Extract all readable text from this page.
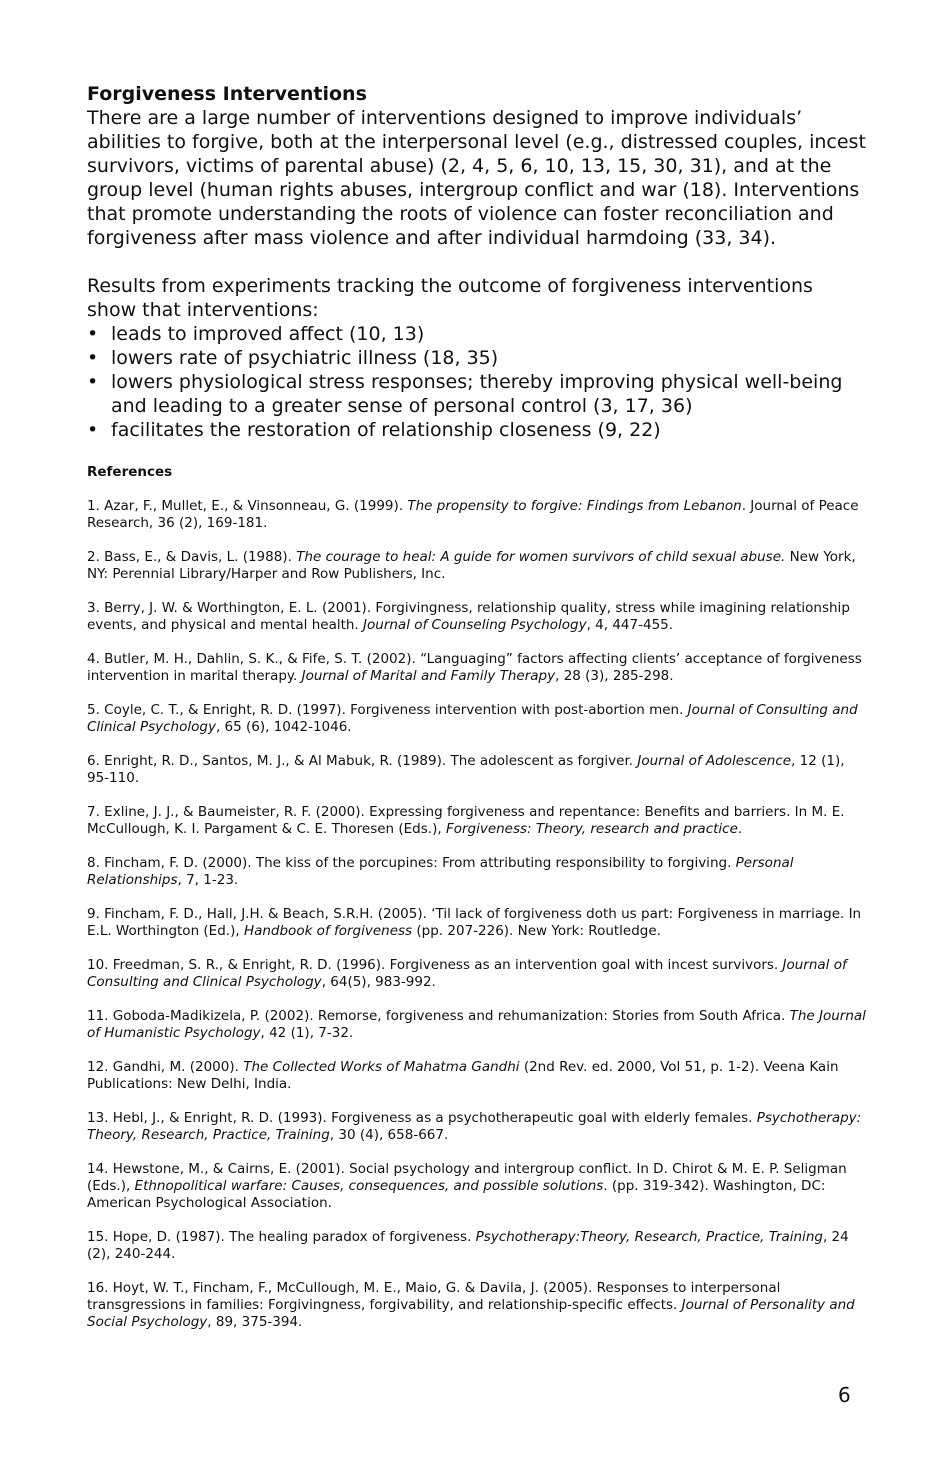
Forgiveness Interventions

There are a large number of interventions designed to improve individuals’ abilities to forgive, both at the interpersonal level (e.g., distressed couples, incest survivors, victims of parental abuse) (2, 4, 5, 6, 10, 13, 15, 30, 31), and at the group level (human rights abuses, intergroup conflict and war (18). Interventions that promote understanding the roots of violence can foster reconciliation and forgiveness after mass violence and after individual harmdoing (33, 34).

Results from experiments tracking the outcome of forgiveness interventions show that interventions:

• leads to improved affect (10, 13)
• lowers rate of psychiatric illness (18, 35)
• lowers physiological stress responses; thereby improving physical well-being and leading to a greater sense of personal control (3, 17, 36)
• facilitates the restoration of relationship closeness (9, 22)
References

1. Azar, F., Mullet, E., & Vinsonneau, G. (1999). The propensity to forgive: Findings from Lebanon. Journal of Peace Research, 36 (2), 169-181.

2. Bass, E., & Davis, L. (1988). The courage to heal: A guide for women survivors of child sexual abuse. New York, NY: Perennial Library/Harper and Row Publishers, Inc.

3. Berry, J. W. & Worthington, E. L. (2001). Forgivingness, relationship quality, stress while imagining relationship events, and physical and mental health. Journal of Counseling Psychology, 4, 447-455.

4. Butler, M. H., Dahlin, S. K., & Fife, S. T. (2002). “Languaging” factors affecting clients’ acceptance of forgiveness intervention in marital therapy. Journal of Marital and Family Therapy, 28 (3), 285-298.

5. Coyle, C. T., & Enright, R. D. (1997). Forgiveness intervention with post-abortion men. Journal of Consulting and Clinical Psychology, 65 (6), 1042-1046.

6. Enright, R. D., Santos, M. J., & Al Mabuk, R. (1989). The adolescent as forgiver. Journal of Adolescence, 12 (1), 95-110.

7. Exline, J. J., & Baumeister, R. F. (2000). Expressing forgiveness and repentance: Benefits and barriers. In M. E. McCullough, K. I. Pargament & C. E. Thoresen (Eds.), Forgiveness: Theory, research and practice.

8. Fincham, F. D. (2000). The kiss of the porcupines: From attributing responsibility to forgiving. Personal Relationships, 7, 1-23.

9. Fincham, F. D., Hall, J.H. & Beach, S.R.H. (2005). ‘Til lack of forgiveness doth us part: Forgiveness in marriage. In E.L. Worthington (Ed.), Handbook of forgiveness (pp. 207-226). New York: Routledge.

10. Freedman, S. R., & Enright, R. D. (1996). Forgiveness as an intervention goal with incest survivors. Journal of Consulting and Clinical Psychology, 64(5), 983-992.

11. Goboda-Madikizela, P. (2002). Remorse, forgiveness and rehumanization: Stories from South Africa. The Journal of Humanistic Psychology, 42 (1), 7-32.

12. Gandhi, M. (2000). The Collected Works of Mahatma Gandhi (2nd Rev. ed. 2000, Vol 51, p. 1-2). Veena Kain Publications: New Delhi, India.

13. Hebl, J., & Enright, R. D. (1993). Forgiveness as a psychotherapeutic goal with elderly females. Psychotherapy: Theory, Research, Practice, Training, 30 (4), 658-667.

14. Hewstone, M., & Cairns, E. (2001). Social psychology and intergroup conflict. In D. Chirot & M. E. P. Seligman (Eds.), Ethnopolitical warfare: Causes, consequences, and possible solutions. (pp. 319-342). Washington, DC: American Psychological Association.

15. Hope, D. (1987). The healing paradox of forgiveness. Psychotherapy:Theory, Research, Practice, Training, 24 (2), 240-244.

16. Hoyt, W. T., Fincham, F., McCullough, M. E., Maio, G. & Davila, J. (2005). Responses to interpersonal transgressions in families: Forgivingness, forgivability, and relationship-specific effects. Journal of Personality and Social Psychology, 89, 375-394.

6
